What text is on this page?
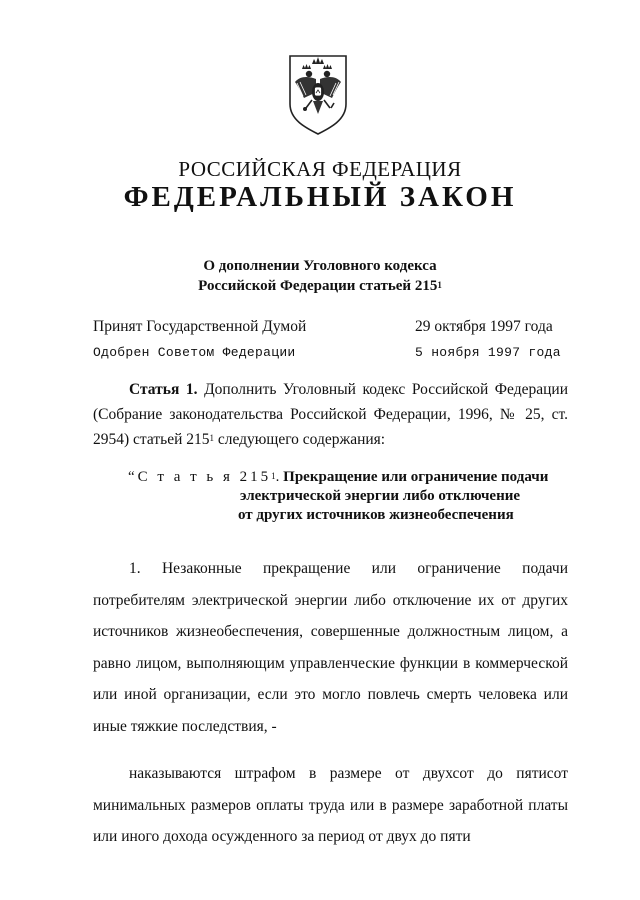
РОССИЙСКАЯ ФЕДЕРАЦИЯ
ФЕДЕРАЛЬНЫЙ ЗАКОН
О дополнении Уголовного кодекса
Российской Федерации статьей $215^1$
Принят Государственной Думой	29 октября 1997 года
Одобрен Советом Федерации	5 ноября 1997 года
Статья 1. Дополнить Уголовный кодекс Российской Федерации (Собрание законодательства Российской Федерации, 1996, № 25, ст. 2954) статьей $215^1$ следующего содержания:
“С т а т ь я $215^1$. Прекращение или ограничение подачи
электрической энергии либо отключение
от других источников жизнеобеспечения
1. Незаконные прекращение или ограничение подачи потребителям электрической энергии либо отключение их от других источников жизнеобеспечения, совершенные должностным лицом, а равно лицом, выполняющим управленческие функции в коммерческой или иной организации, если это могло повлечь смерть человека или иные тяжкие последствия, -
наказываются штрафом в размере от двухсот до пятисот минимальных размеров оплаты труда или в размере заработной платы или иного дохода осужденного за период от двух до пяти
